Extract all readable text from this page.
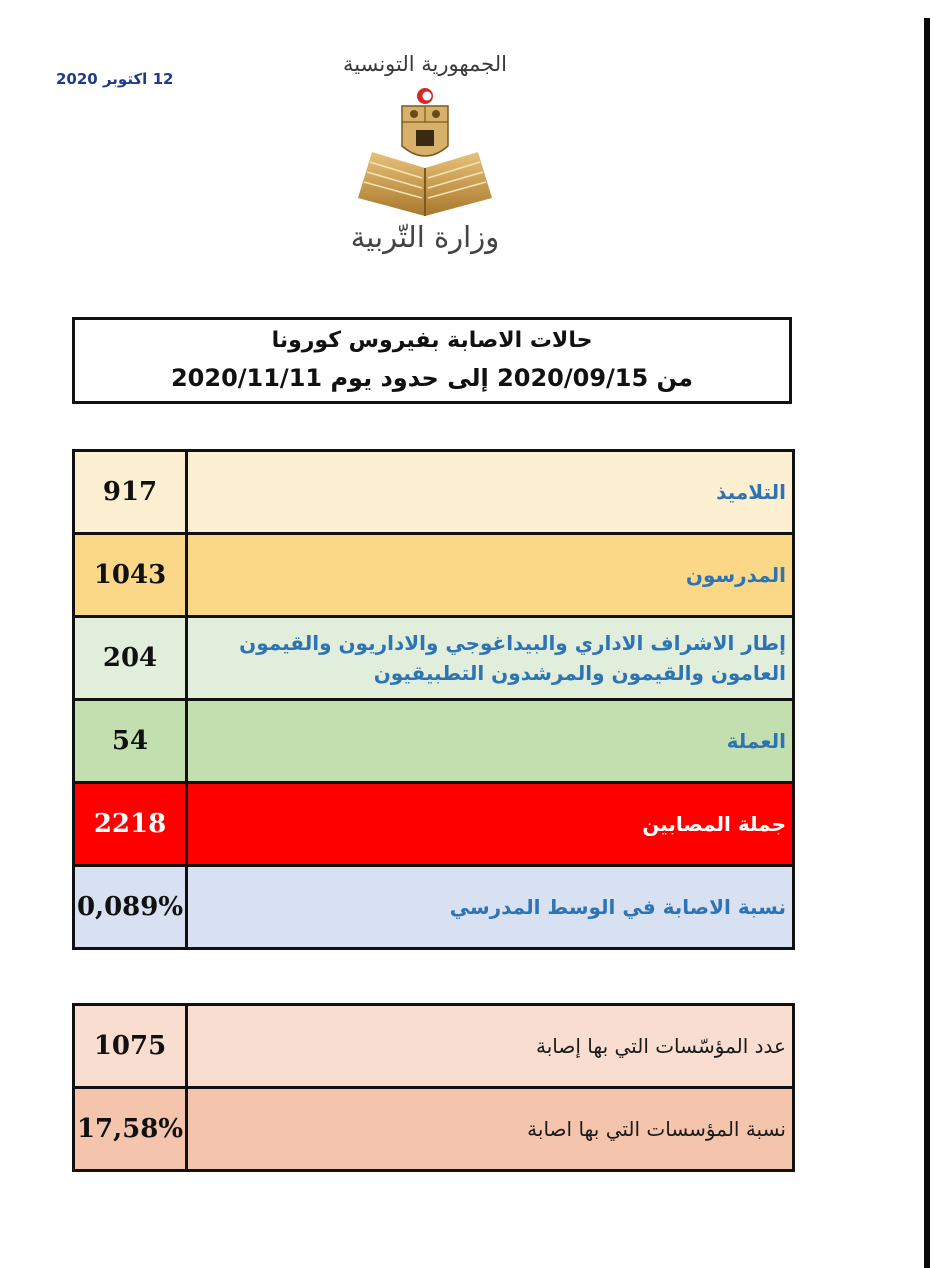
12 اكتوبر 2020
الجمهورية التونسية
وزارة التّربية
حالات الاصابة بفيروس كورونا
من 2020/09/15 إلى حدود يوم 2020/11/11
917	التلاميذ
1043	المدرسون
204	إطار الاشراف الاداري والبيداغوجي والاداريون والقيمون العامون والقيمون والمرشدون التطبيقيون
54	العملة
2218	جملة المصابين
0,089%	نسبة الاصابة في الوسط المدرسي
1075	عدد المؤسّسات التي بها إصابة
17,58%	نسبة المؤسسات التي بها اصابة
